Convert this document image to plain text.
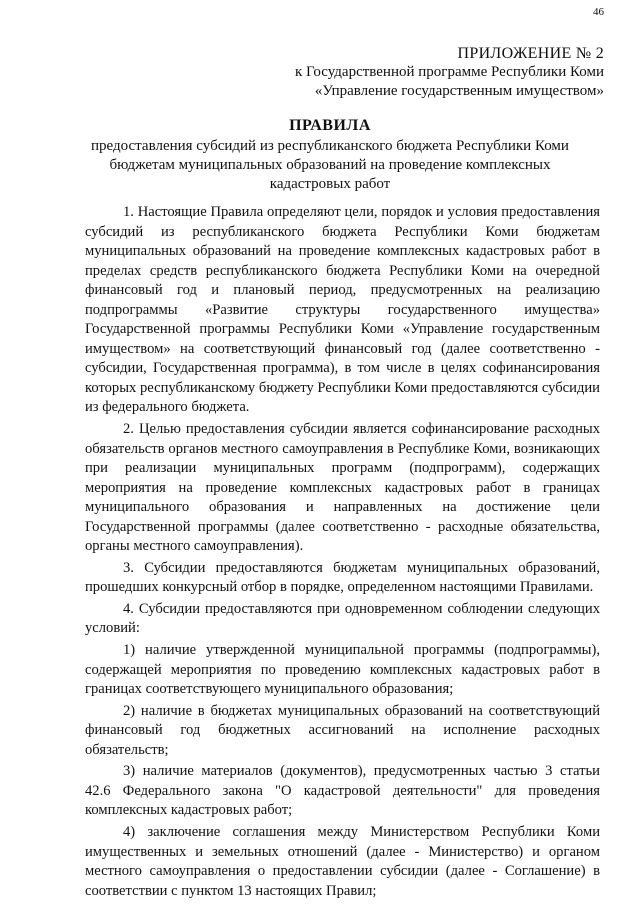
46
ПРИЛОЖЕНИЕ № 2
к Государственной программе Республики Коми
«Управление государственным имуществом»
ПРАВИЛА
предоставления субсидий из республиканского бюджета Республики Коми
бюджетам муниципальных образований на проведение комплексных
кадастровых работ

1. Настоящие Правила определяют цели, порядок и условия предоставления субсидий из республиканского бюджета Республики Коми бюджетам муниципальных образований на проведение комплексных кадастровых работ в пределах средств республиканского бюджета Республики Коми на очередной финансовый год и плановый период, предусмотренных на реализацию подпрограммы «Развитие структуры государственного имущества» Государственной программы Республики Коми «Управление государственным имуществом» на соответствующий финансовый год (далее соответственно - субсидии, Государственная программа), в том числе в целях софинансирования которых республиканскому бюджету Республики Коми предоставляются субсидии из федерального бюджета.

2. Целью предоставления субсидии является софинансирование расходных обязательств органов местного самоуправления в Республике Коми, возникающих при реализации муниципальных программ (подпрограмм), содержащих мероприятия на проведение комплексных кадастровых работ в границах муниципального образования и направленных на достижение цели Государственной программы (далее соответственно - расходные обязательства, органы местного самоуправления).

3. Субсидии предоставляются бюджетам муниципальных образований, прошедших конкурсный отбор в порядке, определенном настоящими Правилами.

4. Субсидии предоставляются при одновременном соблюдении следующих условий:

1) наличие утвержденной муниципальной программы (подпрограммы), содержащей мероприятия по проведению комплексных кадастровых работ в границах соответствующего муниципального образования;

2) наличие в бюджетах муниципальных образований на соответствующий финансовый год бюджетных ассигнований на исполнение расходных обязательств;

3) наличие материалов (документов), предусмотренных частью 3 статьи 42.6 Федерального закона "О кадастровой деятельности" для проведения комплексных кадастровых работ;

4) заключение соглашения между Министерством Республики Коми имущественных и земельных отношений (далее - Министерство) и органом местного самоуправления о предоставлении субсидии (далее - Соглашение) в соответствии с пунктом 13 настоящих Правил;
